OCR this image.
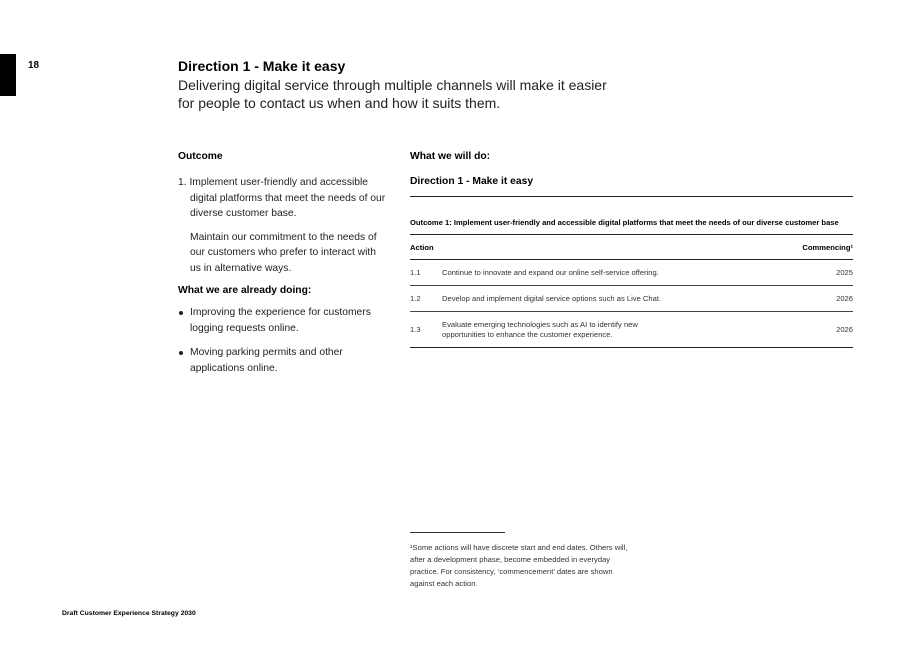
18	Direction 1 - Make it easy
Delivering digital service through multiple channels will make it easier for people to contact us when and how it suits them.
Outcome
1. Implement user-friendly and accessible
digital platforms that meet the needs of our diverse customer base.
Maintain our commitment to the needs of our customers who prefer to interact with us in alternative ways.
What we are already doing:
Improving the experience for customers logging requests online.
Moving parking permits and other applications online.
What we will do:
Direction 1 - Make it easy
Outcome 1: Implement user-friendly and accessible digital platforms that meet the needs of our diverse customer base
Action		Commencing¹
1.1	Continue to innovate and expand our online self-service offering.	2025
1.2	Develop and implement digital service options such as Live Chat.	2026
1.3	Evaluate emerging technologies such as AI to identify new opportunities to enhance the customer experience.	2026
¹Some actions will have discrete start and end dates. Others will, after a development phase, become embedded in everyday practice. For consistency, ‘commencement’ dates are shown against each action.
Draft Customer Experience Strategy 2030
